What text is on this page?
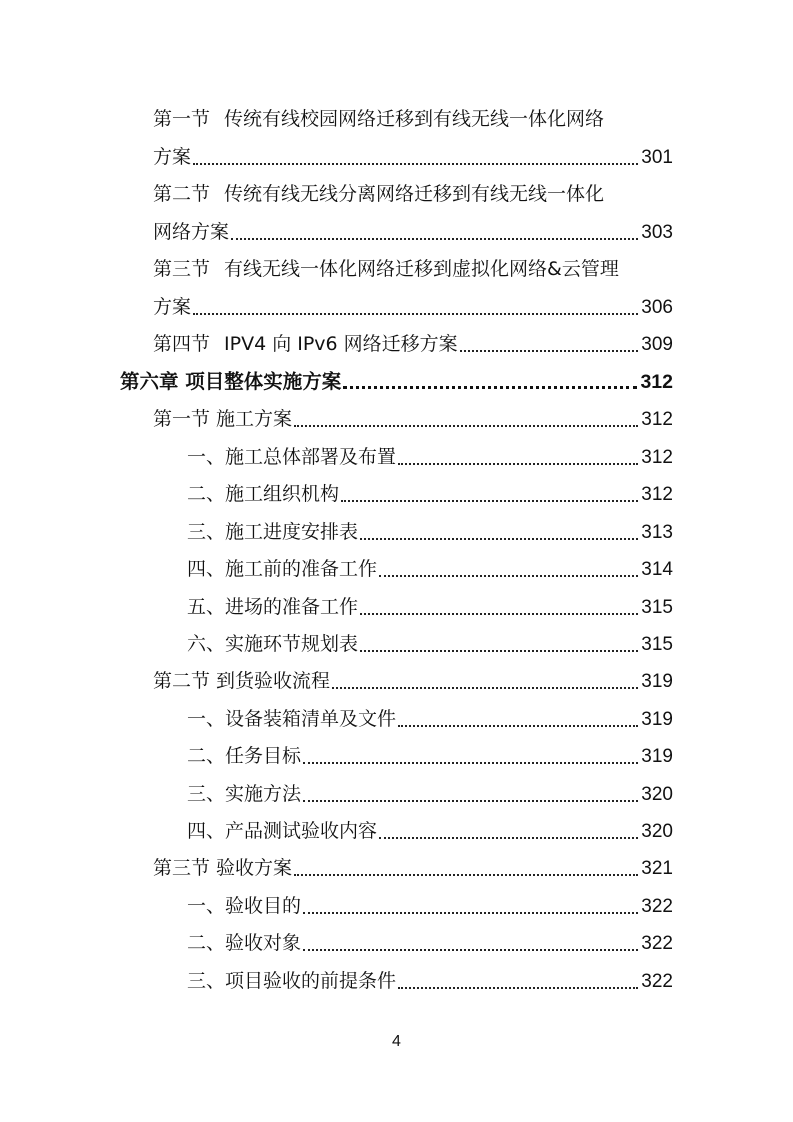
第一节 传统有线校园网络迁移到有线无线一体化网络
方案	301
第二节 传统有线无线分离网络迁移到有线无线一体化
网络方案	303
第三节 有线无线一体化网络迁移到虚拟化网络&云管理
方案	306
第四节 IPV4 向 IPv6 网络迁移方案	309
第六章 项目整体实施方案	312
第一节 施工方案	312
一、施工总体部署及布置	312
二、施工组织机构	312
三、施工进度安排表	313
四、施工前的准备工作	314
五、进场的准备工作	315
六、实施环节规划表	315
第二节 到货验收流程	319
一、设备装箱清单及文件	319
二、任务目标	319
三、实施方法	320
四、产品测试验收内容	320
第三节 验收方案	321
一、验收目的	322
二、验收对象	322
三、项目验收的前提条件	322
4
